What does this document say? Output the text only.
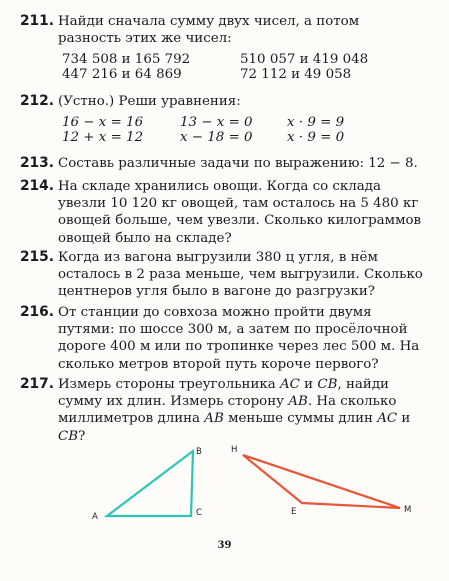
211. Найди сначала сумму двух чисел, а потом разность этих же чисел:
734 508 и 165 792	510 057 и 419 048
447 216 и 64 869	72 112 и 49 058
212. (Устно.) Реши уравнения:
16 − x = 16	13 − x = 0	x · 9 = 9
12 + x = 12	x − 18 = 0	x · 9 = 0
213. Составь различные задачи по выражению: 12 − 8.
214. На складе хранились овощи. Когда со склада увезли 10 120 кг овощей, там осталось на 5 480 кг овощей больше, чем увезли. Сколько килограммов овощей было на складе?
215. Когда из вагона выгрузили 380 ц угля, в нём осталось в 2 раза меньше, чем выгрузили. Сколько центнеров угля было в вагоне до разгрузки?
216. От станции до совхоза можно пройти двумя путями: по шоссе 300 м, а затем по просёлочной дороге 400 м или по тропинке через лес 500 м. На сколько метров второй путь короче первого?
217. Измерь стороны треугольника AC и CB, найди сумму их длин. Измерь сторону AB. На сколько миллиметров длина AB меньше суммы длин AC и CB?
A
B
C
H
E	M
39
